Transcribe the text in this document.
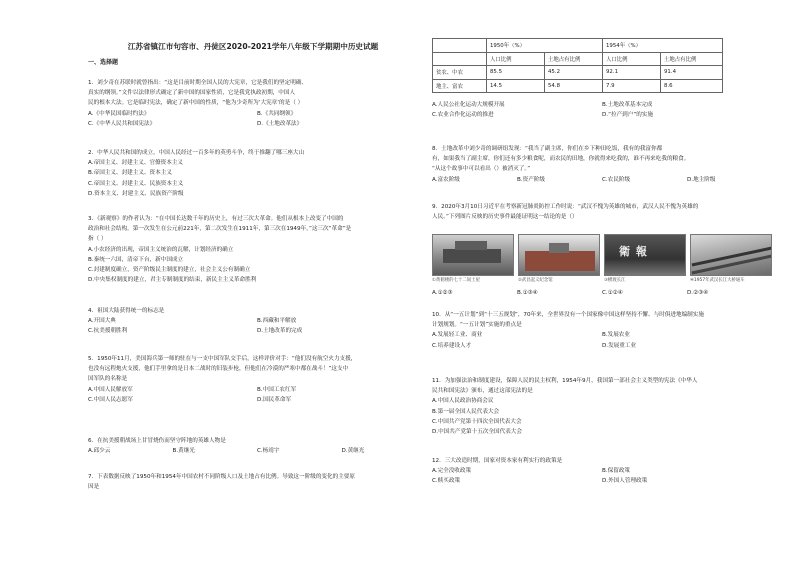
江苏省镇江市句容市、丹徒区2020-2021学年八年级下学期期中历史试题
一、选择题

1．刘少奇在苏联时就曾指出：“这是目前时期全国人民的大宪章，它是我们的坚定明确、

真实的纲领。”文件以法律形式确定了新中国的国家性质，它是我党执政初期，中国人

民的根本大法。它是临时宪法，确定了新中国的性质，“他为少奇所为‘大宪章’的是（ ）

A.《中华民国临时约法》	B.《共同纲领》
C.《中华人民共和国宪法》	D.《土地改革法》

2．中华人民共和国的成立，中国人民经过一百多年的英勇斗争，终于推翻了哪三座大山

A.帝国主义、封建主义、官僚资本主义

B.帝国主义、封建主义、资本主义

C.帝国主义、封建主义、民族资本主义

D.资本主义、封建主义、民族资产阶级

3．《新观察》的作者认为：“在中国长达数千年的历史上，有过三次大革命。他们从根本上改变了中国的

政治和社会结构。第一次发生在公元前221年，第二次发生在1911年，第三次在1949年。”这三次“革命”是

指（ ）

A.小农经济的出现，帝国主义统治的瓦解，计划经济的确立

B.秦统一六国，清帝下台，新中国成立

C.封建制度确立，资产阶级民主制度的建立，社会主义公有制确立

D.中央集权制度的建立，君主专制制度的结束，新民主主义革命胜利

4．祖国大陆获得统一的标志是

A.开国大典	B.西藏和平解放
C.抗美援朝胜利	D.土地改革的完成

5．1950年11月，美国海兵第一师的驻在与一支中国军队交手后，这样评价对手：“他们没有航空火力支援，

也没有远程炮火支援，他们手里拿的是日本二战时的旧装步枪，但他们在冷漠的严寒中都在战斗！”这支中

国军队的名称是

A.中国人民解放军	B.中国工农红军
C.中国人民志愿军	D.国民革命军

6．在抗美援朝战场上甘冒烧伤而坚守阵地的英雄人物是

A.邱少云	B.黄继光	C.杨靖宇	D.黄继光

7．下表数据反映了1950年和1954年中国农村不同阶级人口及土地占有比例。导致这一阶级的变化的主要原

因是

	1950年（%）		1954年（%）	
	人口比例	土地占有比例	人口比例	土地占有比例
贫农、中农	85.5	45.2	92.1	91.4
地主、富农	14.5	54.8	7.9	8.6
A.人民公社化运动大规模开展	B.土地改革基本完成
C.农业合作化运动的推进	D.“拉产到户”的实施

8．土地改革中刘少奇的调研组发现：“我当了副主席，你们在乡下种田吃饭，我有的我富你都

有，如果我当了副主席，你们还有多少粮食呢，而农民的田地，你就得来吃我的，谁不再来吃我的粮食。

“从这个故事中可以看出（）被消灭了。”

A.富农阶级	B.资产阶级	C.农民阶级	D.地主阶级

9．2020年3月10日习近平在考察新冠肺炎防控工作时说：“武汉不愧为英雄的城市，武汉人民不愧为英雄的

人民。”下列图片反映的历史事件最能证明这一结论的是（）

衛 報
①黄鹤楼的七十二间土屋	②武昌起义纪念馆	③横渡长江	④1957年武汉长江大桥通车
A.①②③	B.①③④	C.①②④	D.②③④

10．从“一五计划”到“十三五规划”，70年来，全世界没有一个国家像中国这样坚持不懈、与时俱进地编制实施

计划规划。“一五计划”实施的重点是

A.发展轻工业、商业	B.发展农业
C.培养建设人才	D.发展重工业

11．为加强法治和制度建设，保障人民的民主权利，1954年9月，我国第一部社会主义类型的宪法《中华人

民共和国宪法》颁布，通过这部宪法的是

A.中国人民政治协商会议

B.第一届全国人民代表大会

C.中国共产党第十四次全国代表大会

D.中国共产党第十五次全国代表大会

12．三大改造时期，国家对资本家有利实行的政策是

A.完全没收政策	B.保留政策
C.赎买政策	D.外国人管理政策
